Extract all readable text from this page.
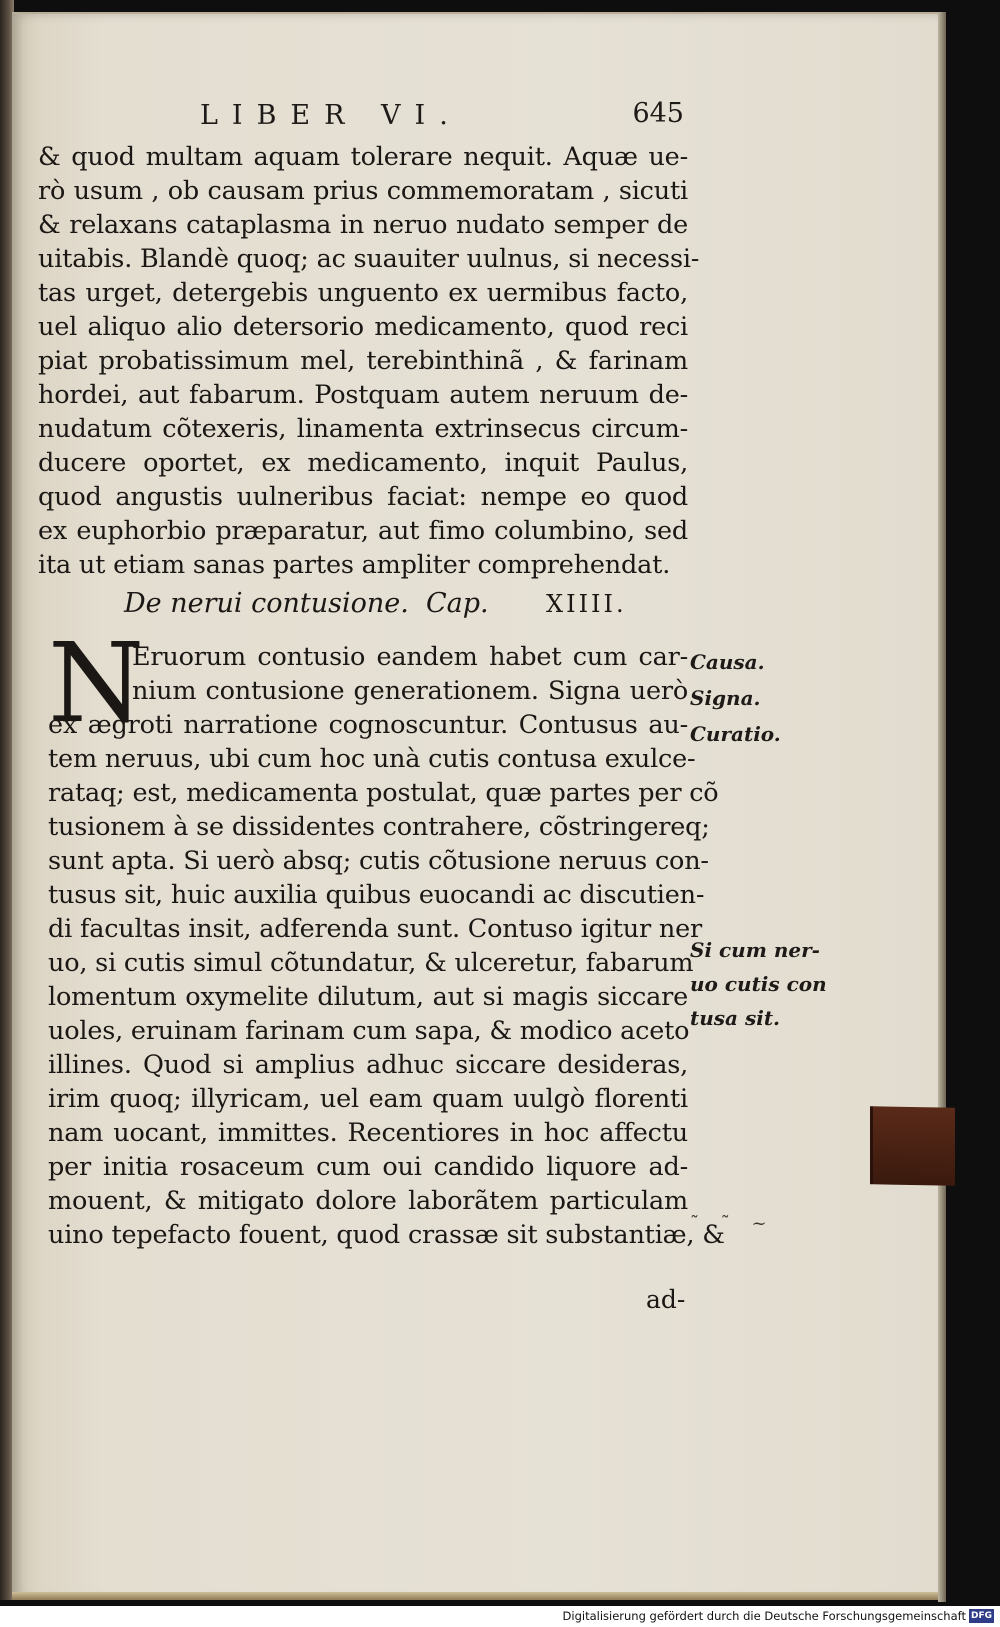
LIBER VI.	645
& quod multam aquam tolerare nequit. Aquæ ue-
rò usum , ob causam prius commemoratam , sicuti
& relaxans cataplasma in neruo nudato semper de
uitabis. Blandè quoq; ac suauiter uulnus, si necessi-
tas urget, detergebis unguento ex uermibus facto,
uel aliquo alio detersorio medicamento, quod reci
piat probatissimum mel, terebinthinã , & farinam
hordei, aut fabarum. Postquam autem neruum de-
nudatum cõtexeris, linamenta extrinsecus circum-
ducere oportet, ex medicamento, inquit Paulus,
quod angustis uulneribus faciat: nempe eo quod
ex euphorbio præparatur, aut fimo columbino, sed
ita ut etiam sanas partes ampliter comprehendat.
De nerui contusione. Cap. XIIII.
N
Eruorum contusio eandem habet cum car-
nium contusione generationem. Signa uerò
ex ægroti narratione cognoscuntur. Contusus au-
tem neruus, ubi cum hoc unà cutis contusa exulce-
rataq; est, medicamenta postulat, quæ partes per cõ
tusionem à se dissidentes contrahere, cõstringereq;
sunt apta. Si uerò absq; cutis cõtusione neruus con-
tusus sit, huic auxilia quibus euocandi ac discutien-
di facultas insit, adferenda sunt. Contuso igitur ner
uo, si cutis simul cõtundatur, & ulceretur, fabarum
lomentum oxymelite dilutum, aut si magis siccare
uoles, eruinam farinam cum sapa, & modico aceto
illines. Quod si amplius adhuc siccare desideras,
irim quoq; illyricam, uel eam quam uulgò florenti
nam uocant, immittes. Recentiores in hoc affectu
per initia rosaceum cum oui candido liquore ad-
mouent, & mitigato dolore laborãtem particulam
uino tepefacto fouent, quod crassæ sit substantiæ, &
ad-
˜ ˜ ~
Causa.
Signa.
Curatio.
Si cum ner-
uo cutis con
tusa sit.
Digitalisierung gefördert durch die Deutsche Forschungsgemeinschaft DFG
